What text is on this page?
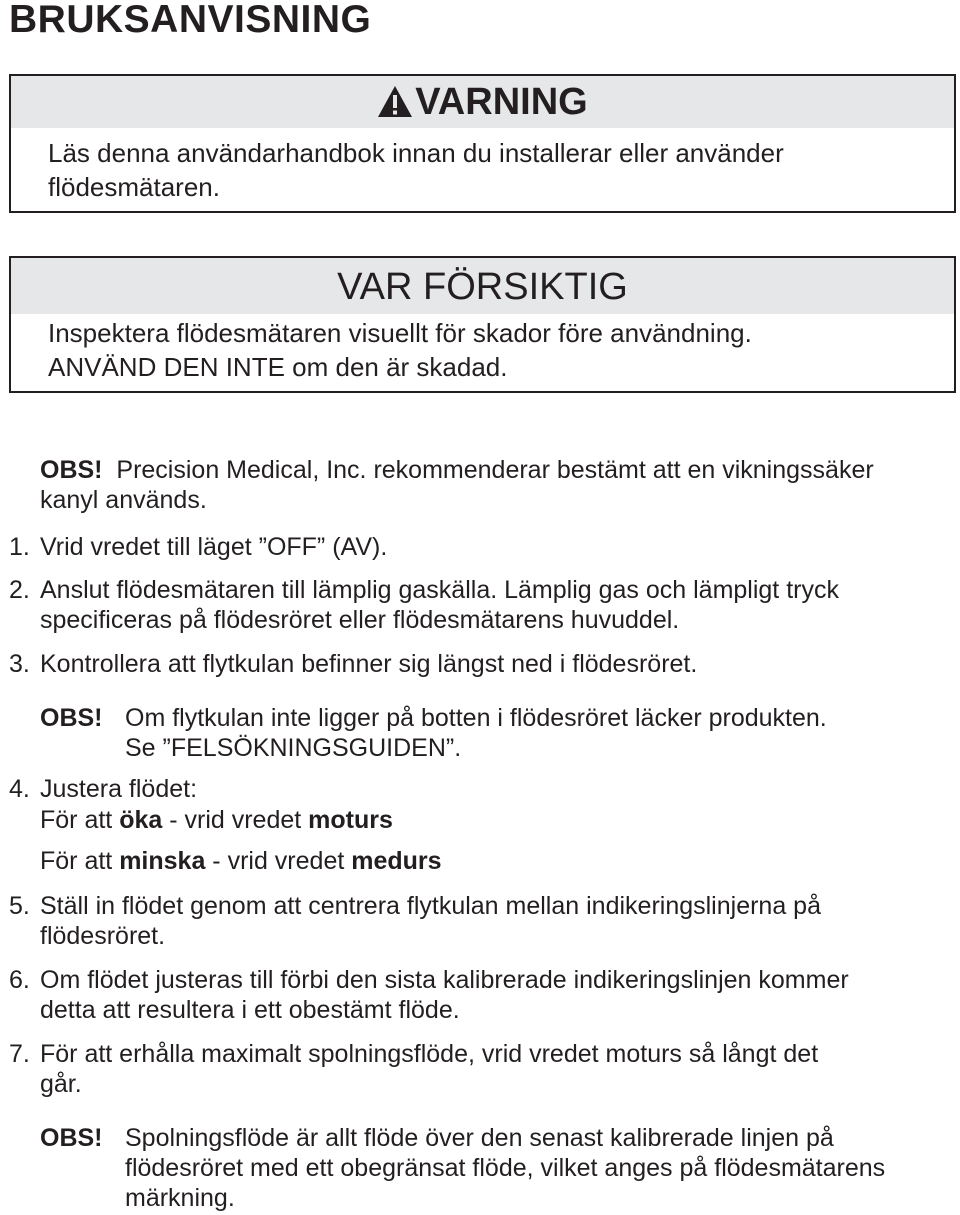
BRUKSANVISNING
VARNING
Läs denna användarhandbok innan du installerar eller använder
flödesmätaren.
VAR FÖRSIKTIG
Inspektera flödesmätaren visuellt för skador före användning.
ANVÄND DEN INTE om den är skadad.
OBS! Precision Medical, Inc. rekommenderar bestämt att en vikningssäker
kanyl används.
1. Vrid vredet till läget ”OFF” (AV).
2. Anslut flödesmätaren till lämplig gaskälla. Lämplig gas och lämpligt tryck
specificeras på flödesröret eller flödesmätarens huvuddel.
3. Kontrollera att flytkulan befinner sig längst ned i flödesröret.
OBS! Om flytkulan inte ligger på botten i flödesröret läcker produkten.
Se ”FELSÖKNINGSGUIDEN”.
4. Justera flödet:
För att öka - vrid vredet moturs
För att minska - vrid vredet medurs
5. Ställ in flödet genom att centrera flytkulan mellan indikeringslinjerna på
flödesröret.
6. Om flödet justeras till förbi den sista kalibrerade indikeringslinjen kommer
detta att resultera i ett obestämt flöde.
7. För att erhålla maximalt spolningsflöde, vrid vredet moturs så långt det
går.
OBS! Spolningsflöde är allt flöde över den senast kalibrerade linjen på
flödesröret med ett obegränsat flöde, vilket anges på flödesmätarens
märkning.
